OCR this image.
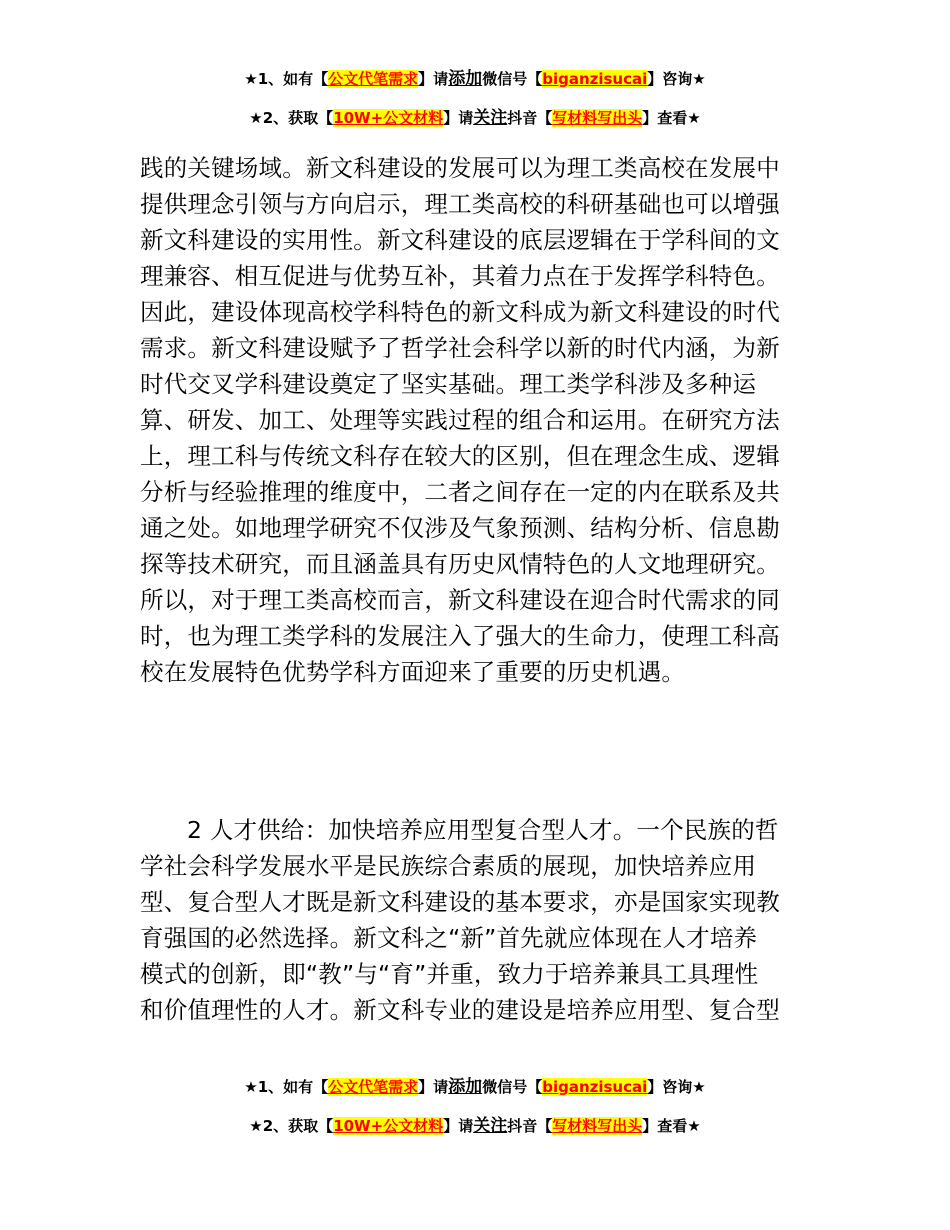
★1、如有【公文代笔需求】请添加微信号【biganzisucai】咨询★
★2、获取【10W+公文材料】请关注抖音【写材料写出头】查看★
践的关键场域。新文科建设的发展可以为理工类高校在发展中
提供理念引领与方向启示，理工类高校的科研基础也可以增强
新文科建设的实用性。新文科建设的底层逻辑在于学科间的文
理兼容、相互促进与优势互补，其着力点在于发挥学科特色。
因此，建设体现高校学科特色的新文科成为新文科建设的时代
需求。新文科建设赋予了哲学社会科学以新的时代内涵，为新
时代交叉学科建设奠定了坚实基础。理工类学科涉及多种运
算、研发、加工、处理等实践过程的组合和运用。在研究方法
上，理工科与传统文科存在较大的区别，但在理念生成、逻辑
分析与经验推理的维度中，二者之间存在一定的内在联系及共
通之处。如地理学研究不仅涉及气象预测、结构分析、信息勘
探等技术研究，而且涵盖具有历史风情特色的人文地理研究。
所以，对于理工类高校而言，新文科建设在迎合时代需求的同
时，也为理工类学科的发展注入了强大的生命力，使理工科高
校在发展特色优势学科方面迎来了重要的历史机遇。
2 人才供给：加快培养应用型复合型人才。一个民族的哲
学社会科学发展水平是民族综合素质的展现，加快培养应用
型、复合型人才既是新文科建设的基本要求，亦是国家实现教
育强国的必然选择。新文科之“新”首先就应体现在人才培养
模式的创新，即“教”与“育”并重，致力于培养兼具工具理性
和价值理性的人才。新文科专业的建设是培养应用型、复合型
★1、如有【公文代笔需求】请添加微信号【biganzisucai】咨询★
★2、获取【10W+公文材料】请关注抖音【写材料写出头】查看★
